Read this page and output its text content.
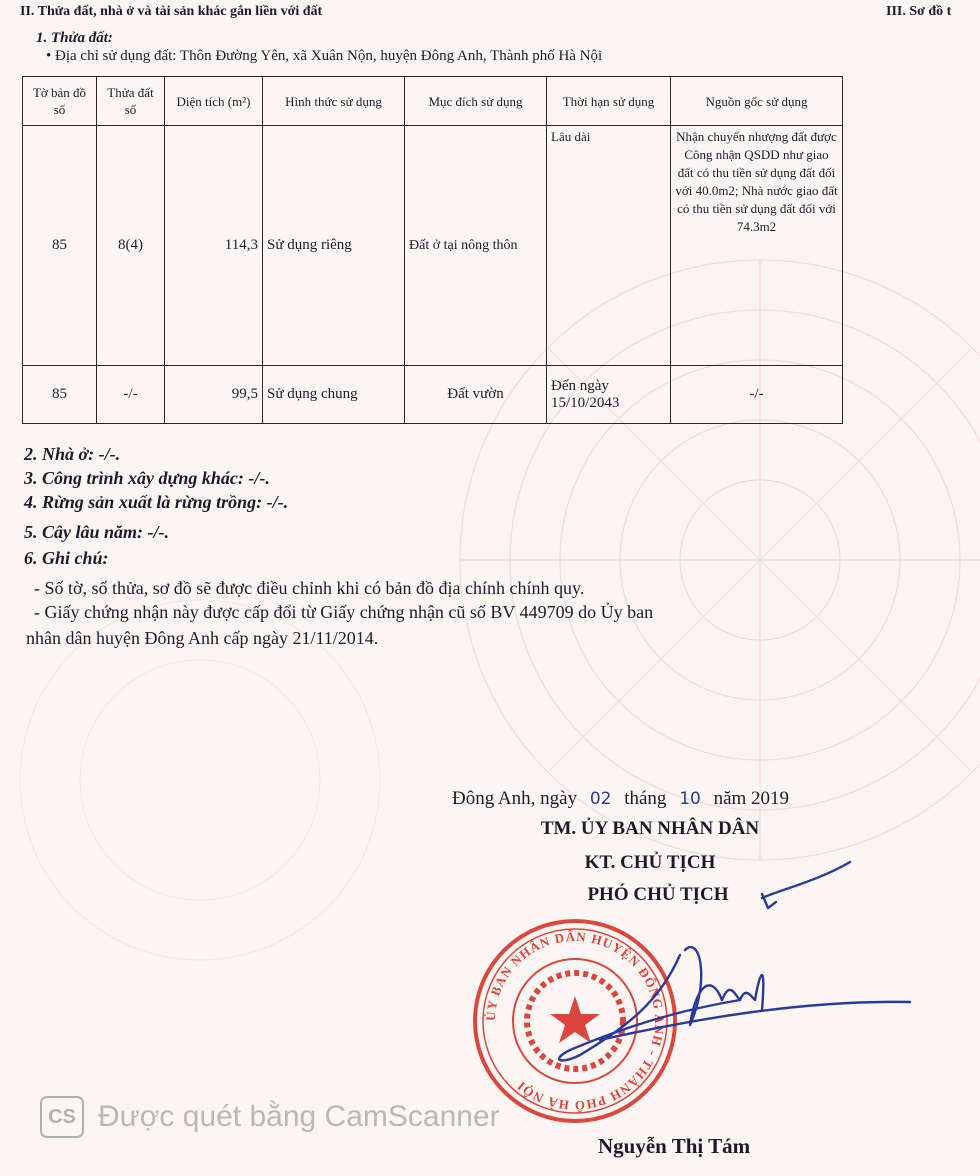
II. Thửa đất, nhà ở và tài sản khác gắn liền với đất	III. Sơ đồ t
1. Thửa đất:
• Địa chỉ sử dụng đất: Thôn Đường Yên, xã Xuân Nộn, huyện Đông Anh, Thành phố Hà Nội
Tờ bản đồ số	Thửa đất số	Diện tích (m²)	Hình thức sử dụng	Mục đích sử dụng	Thời hạn sử dụng	Nguồn gốc sử dụng
85	8(4)	114,3	Sử dụng riêng	Đất ở tại nông thôn	Lâu dài	Nhận chuyển nhượng đất được Công nhận QSDD như giao đất có thu tiền sử dụng đất đối với 40.0m2; Nhà nước giao đất có thu tiền sử dụng đất đối với 74.3m2
85	-/-	99,5	Sử dụng chung	Đất vườn	Đến ngày 15/10/2043	-/-
2. Nhà ở: -/-.
3. Công trình xây dựng khác: -/-.
4. Rừng sản xuất là rừng trồng: -/-.
5. Cây lâu năm: -/-.
6. Ghi chú:
- Số tờ, số thửa, sơ đồ sẽ được điều chỉnh khi có bản đồ địa chính chính quy.
- Giấy chứng nhận này được cấp đổi từ Giấy chứng nhận cũ số BV 449709 do Ủy ban
nhân dân huyện Đông Anh cấp ngày 21/11/2014.
Đông Anh, ngày 02 tháng 10 năm 2019
TM. ỦY BAN NHÂN DÂN
KT. CHỦ TỊCH
PHÓ CHỦ TỊCH
ỦY BAN NHÂN DÂN HUYỆN ĐÔNG ANH - THÀNH PHỐ HÀ NỘI
Nguyễn Thị Tám
CS Được quét bằng CamScanner
